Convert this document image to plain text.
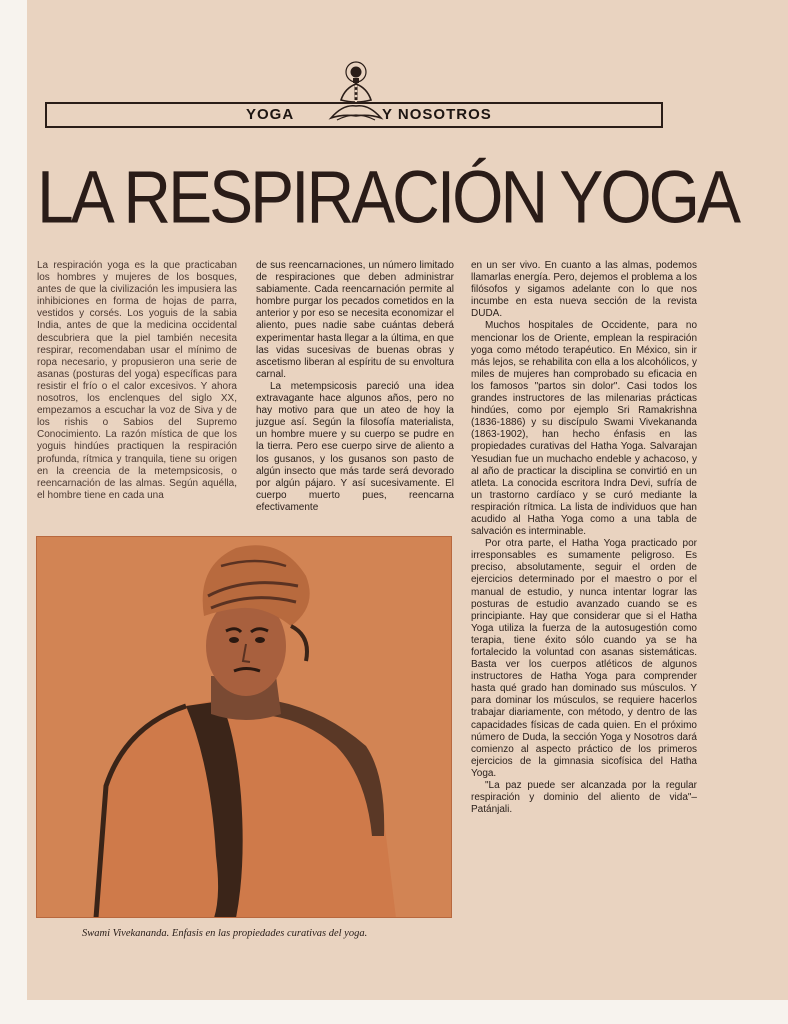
YOGA	Y NOSOTROS
LA RESPIRACIÓN YOGA

La respiración yoga es la que practicaban los hombres y mujeres de los bosques, antes de que la civilización les impusiera las inhibiciones en forma de hojas de parra, vestidos y corsés. Los yoguis de la sabia India, antes de que la medicina occidental descubriera que la piel también necesita respirar, recomendaban usar el mínimo de ropa necesario, y propusieron una serie de asanas (posturas del yoga) específicas para resistir el frío o el calor excesivos. Y ahora nosotros, los enclenques del siglo XX, empezamos a escuchar la voz de Siva y de los rishis o Sabios del Supremo Conocimiento. La razón mística de que los yoguis hindúes practiquen la respiración profunda, rítmica y tranquila, tiene su origen en la creencia de la metempsicosis, o reencarnación de las almas. Según aquélla, el hombre tiene en cada una

de sus reencarnaciones, un número limitado de respiraciones que deben administrar sabiamente. Cada reencarnación permite al hombre purgar los pecados cometidos en la anterior y por eso se necesita economizar el aliento, pues nadie sabe cuántas deberá experimentar hasta llegar a la última, en que las vidas sucesivas de buenas obras y ascetismo liberan al espíritu de su envoltura carnal.

La metempsicosis pareció una idea extravagante hace algunos años, pero no hay motivo para que un ateo de hoy la juzgue así. Según la filosofía materialista, un hombre muere y su cuerpo se pudre en la tierra. Pero ese cuerpo sirve de aliento a los gusanos, y los gusanos son pasto de algún insecto que más tarde será devorado por algún pájaro. Y así sucesivamente. El cuerpo muerto pues, reencarna efectivamente

en un ser vivo. En cuanto a las almas, podemos llamarlas energía. Pero, dejemos el problema a los filósofos y sigamos adelante con lo que nos incumbe en esta nueva sección de la revista DUDA.

Muchos hospitales de Occidente, para no mencionar los de Oriente, emplean la respiración yoga como método terapéutico. En México, sin ir más lejos, se rehabilita con ella a los alcohólicos, y miles de mujeres han comprobado su eficacia en los famosos "partos sin dolor". Casi todos los grandes instructores de las milenarias prácticas hindúes, como por ejemplo Sri Ramakrishna (1836-1886) y su discípulo Swami Vivekananda (1863-1902), han hecho énfasis en las propiedades curativas del Hatha Yoga. Salvarajan Yesudian fue un muchacho endeble y achacoso, y al año de practicar la disciplina se convirtió en un atleta. La conocida escritora Indra Devi, sufría de un trastorno cardíaco y se curó mediante la respiración rítmica. La lista de individuos que han acudido al Hatha Yoga como a una tabla de salvación es interminable.

Por otra parte, el Hatha Yoga practicado por irresponsables es sumamente peligroso. Es preciso, absolutamente, seguir el orden de ejercicios determinado por el maestro o por el manual de estudio, y nunca intentar lograr las posturas de estudio avanzado cuando se es principiante. Hay que considerar que si el Hatha Yoga utiliza la fuerza de la autosugestión como terapia, tiene éxito sólo cuando ya se ha fortalecido la voluntad con asanas sistemáticas. Basta ver los cuerpos atléticos de algunos instructores de Hatha Yoga para comprender hasta qué grado han dominado sus músculos. Y para dominar los músculos, se requiere hacerlos trabajar diariamente, con método, y dentro de las capacidades físicas de cada quien. En el próximo número de Duda, la sección Yoga y Nosotros dará comienzo al aspecto práctico de los primeros ejercicios de la gimnasia sicofísica del Hatha Yoga.

"La paz puede ser alcanzada por la regular respiración y dominio del aliento de vida"– Patánjali.

Swami Vivekananda. Enfasis en las propiedades curativas del yoga.
